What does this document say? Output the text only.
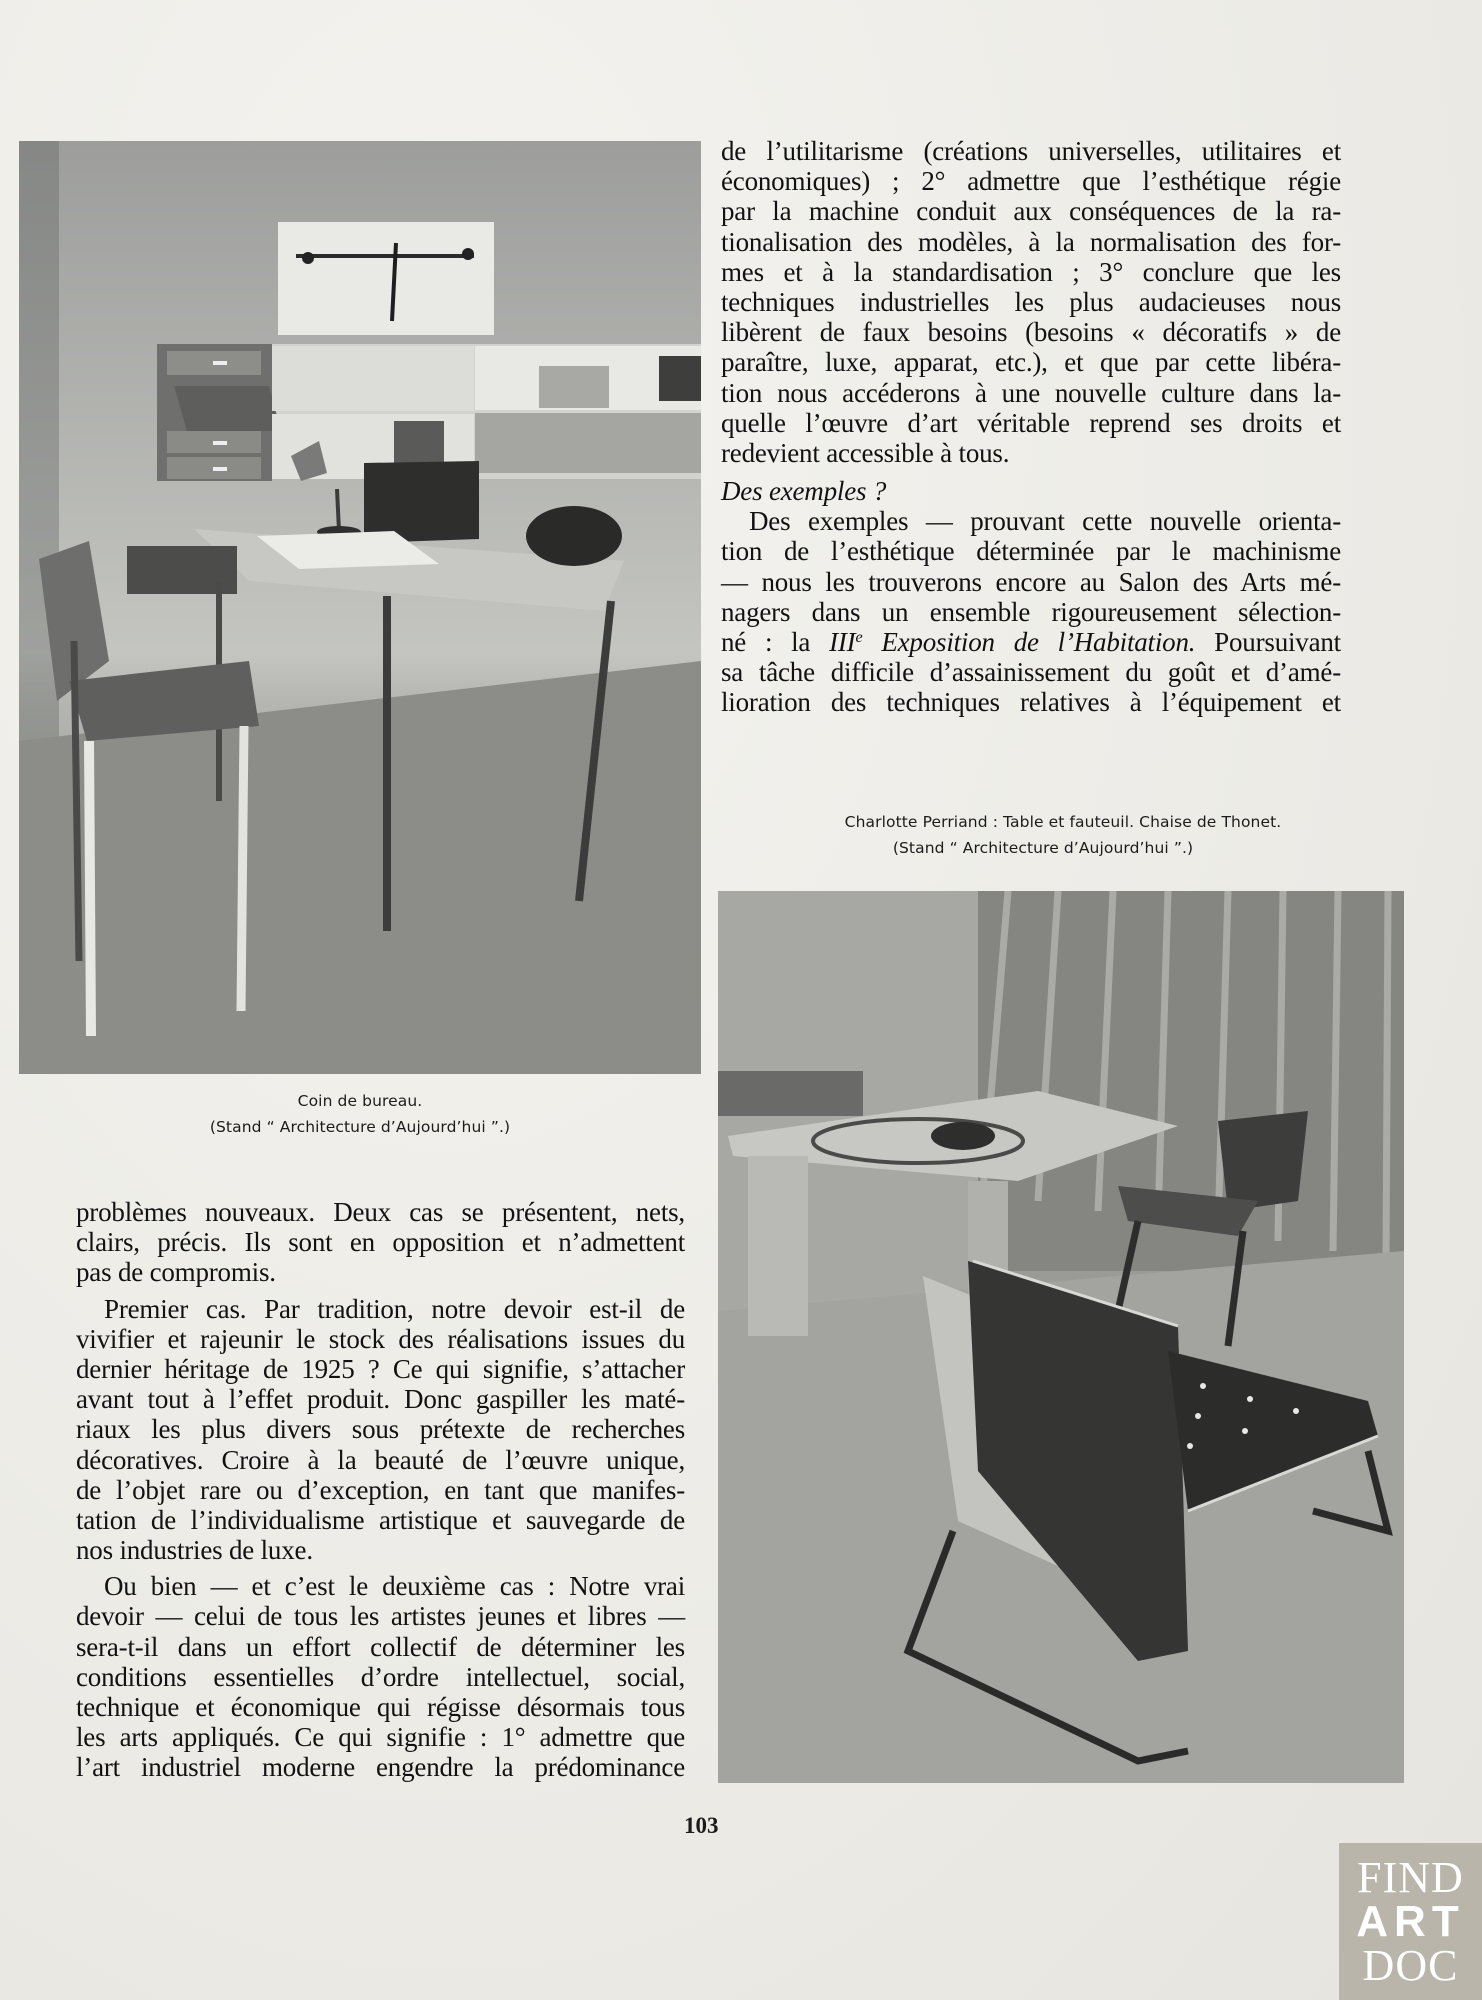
Coin de bureau.
(Stand “ Architecture d’Aujourd’hui ”.)
de l’utilitarisme (créations universelles, utilitaires et
économiques) ; 2° admettre que l’esthétique régie
par la machine conduit aux conséquences de la ra-
tionalisation des modèles, à la normalisation des for-
mes et à la standardisation ; 3° conclure que les
techniques industrielles les plus audacieuses nous
libèrent de faux besoins (besoins « décoratifs » de
paraître, luxe, apparat, etc.), et que par cette libéra-
tion nous accéderons à une nouvelle culture dans la-
quelle l’œuvre d’art véritable reprend ses droits et
redevient accessible à tous.
Des exemples ?
Des exemples — prouvant cette nouvelle orienta-
tion de l’esthétique déterminée par le machinisme
— nous les trouverons encore au Salon des Arts mé-
nagers dans un ensemble rigoureusement sélection-
né : la IIIe Exposition de l’Habitation. Poursuivant
sa tâche difficile d’assainissement du goût et d’amé-
lioration des techniques relatives à l’équipement et
Charlotte Perriand : Table et fauteuil. Chaise de Thonet.
(Stand “ Architecture d’Aujourd’hui ”.)
problèmes nouveaux. Deux cas se présentent, nets,
clairs, précis. Ils sont en opposition et n’admettent
pas de compromis.
Premier cas. Par tradition, notre devoir est-il de
vivifier et rajeunir le stock des réalisations issues du
dernier héritage de 1925 ? Ce qui signifie, s’attacher
avant tout à l’effet produit. Donc gaspiller les maté-
riaux les plus divers sous prétexte de recherches
décoratives. Croire à la beauté de l’œuvre unique,
de l’objet rare ou d’exception, en tant que manifes-
tation de l’individualisme artistique et sauvegarde de
nos industries de luxe.
Ou bien — et c’est le deuxième cas : Notre vrai
devoir — celui de tous les artistes jeunes et libres —
sera-t-il dans un effort collectif de déterminer les
conditions essentielles d’ordre intellectuel, social,
technique et économique qui régisse désormais tous
les arts appliqués. Ce qui signifie : 1° admettre que
l’art industriel moderne engendre la prédominance
103
FIND
ART
DOC
